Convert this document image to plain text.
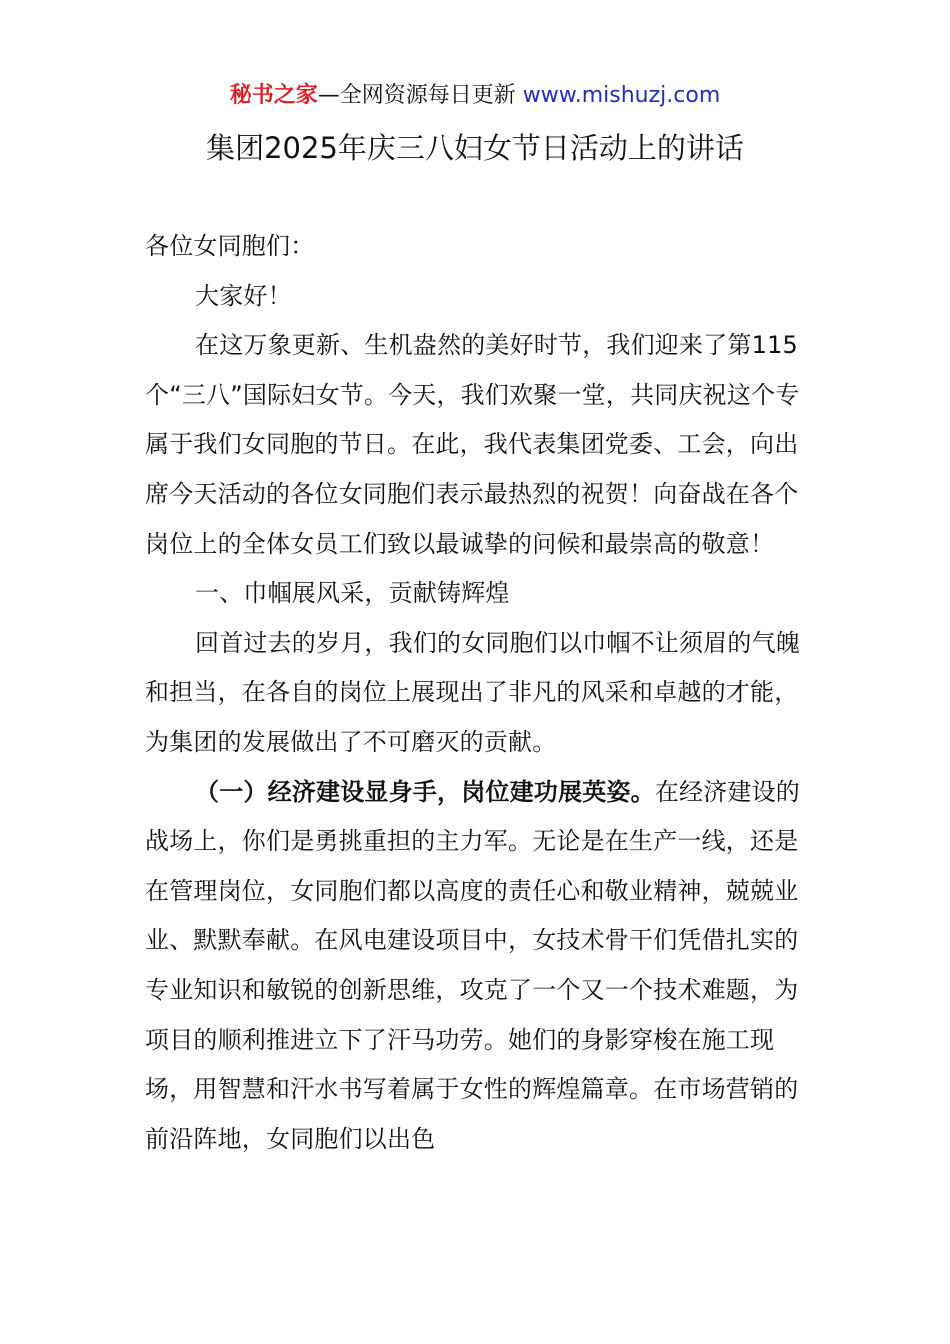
秘书之家—全网资源每日更新 www.mishuzj.com
集团2025年庆三八妇女节日活动上的讲话

各位女同胞们：

大家好！

在这万象更新、生机盎然的美好时节，我们迎来了第115个“三八”国际妇女节。今天，我们欢聚一堂，共同庆祝这个专属于我们女同胞的节日。在此，我代表集团党委、工会，向出席今天活动的各位女同胞们表示最热烈的祝贺！向奋战在各个岗位上的全体女员工们致以最诚挚的问候和最崇高的敬意！

一、巾帼展风采，贡献铸辉煌

回首过去的岁月，我们的女同胞们以巾帼不让须眉的气魄和担当，在各自的岗位上展现出了非凡的风采和卓越的才能，为集团的发展做出了不可磨灭的贡献。

（一）经济建设显身手，岗位建功展英姿。在经济建设的战场上，你们是勇挑重担的主力军。无论是在生产一线，还是在管理岗位，女同胞们都以高度的责任心和敬业精神，兢兢业业、默默奉献。在风电建设项目中，女技术骨干们凭借扎实的专业知识和敏锐的创新思维，攻克了一个又一个技术难题，为项目的顺利推进立下了汗马功劳。她们的身影穿梭在施工现场，用智慧和汗水书写着属于女性的辉煌篇章。在市场营销的前沿阵地，女同胞们以出色
